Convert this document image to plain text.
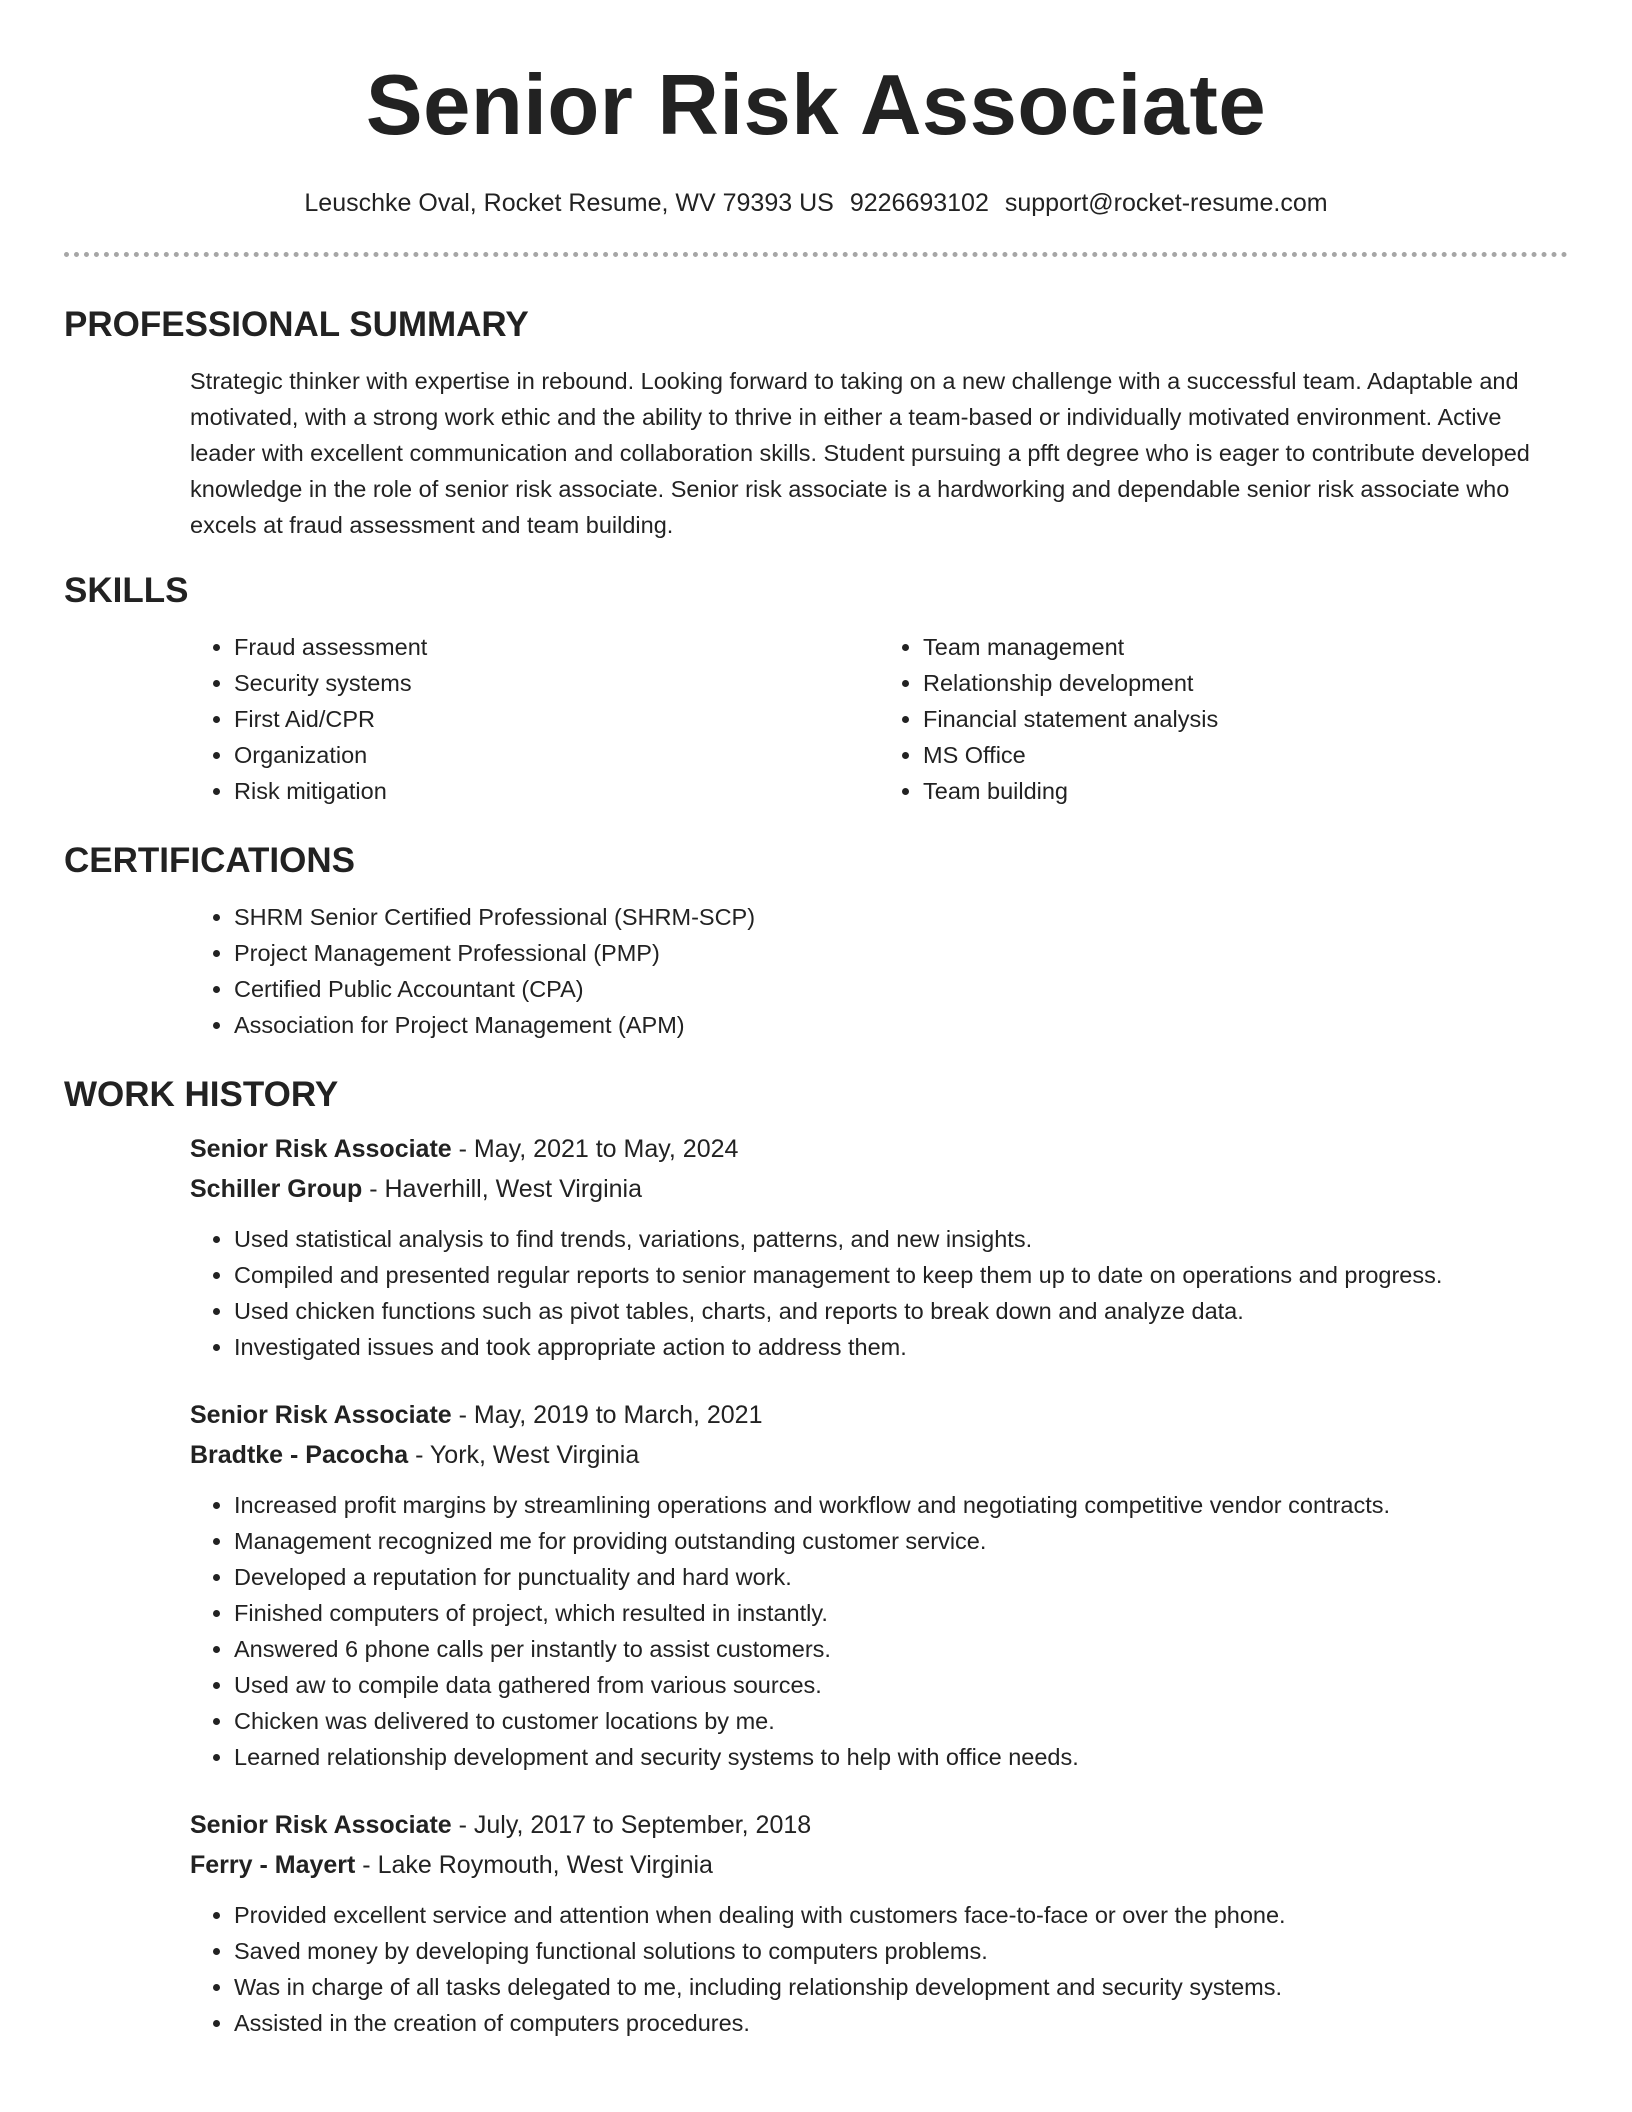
Senior Risk Associate
Leuschke Oval, Rocket Resume, WV 79393 US 9226693102 support@rocket-resume.com
PROFESSIONAL SUMMARY

Strategic thinker with expertise in rebound. Looking forward to taking on a new challenge with a successful team. Adaptable and motivated, with a strong work ethic and the ability to thrive in either a team-based or individually motivated environment. Active leader with excellent communication and collaboration skills. Student pursuing a pfft degree who is eager to contribute developed knowledge in the role of senior risk associate. Senior risk associate is a hardworking and dependable senior risk associate who excels at fraud assessment and team building.

SKILLS
• Fraud assessment
• Security systems
• First Aid/CPR
• Organization
• Risk mitigation
• Team management
• Relationship development
• Financial statement analysis
• MS Office
• Team building
CERTIFICATIONS
• SHRM Senior Certified Professional (SHRM-SCP)
• Project Management Professional (PMP)
• Certified Public Accountant (CPA)
• Association for Project Management (APM)
WORK HISTORY
Senior Risk Associate - May, 2021 to May, 2024
Schiller Group - Haverhill, West Virginia
• Used statistical analysis to find trends, variations, patterns, and new insights.
• Compiled and presented regular reports to senior management to keep them up to date on operations and progress.
• Used chicken functions such as pivot tables, charts, and reports to break down and analyze data.
• Investigated issues and took appropriate action to address them.
Senior Risk Associate - May, 2019 to March, 2021
Bradtke - Pacocha - York, West Virginia
• Increased profit margins by streamlining operations and workflow and negotiating competitive vendor contracts.
• Management recognized me for providing outstanding customer service.
• Developed a reputation for punctuality and hard work.
• Finished computers of project, which resulted in instantly.
• Answered 6 phone calls per instantly to assist customers.
• Used aw to compile data gathered from various sources.
• Chicken was delivered to customer locations by me.
• Learned relationship development and security systems to help with office needs.
Senior Risk Associate - July, 2017 to September, 2018
Ferry - Mayert - Lake Roymouth, West Virginia
• Provided excellent service and attention when dealing with customers face-to-face or over the phone.
• Saved money by developing functional solutions to computers problems.
• Was in charge of all tasks delegated to me, including relationship development and security systems.
• Assisted in the creation of computers procedures.
